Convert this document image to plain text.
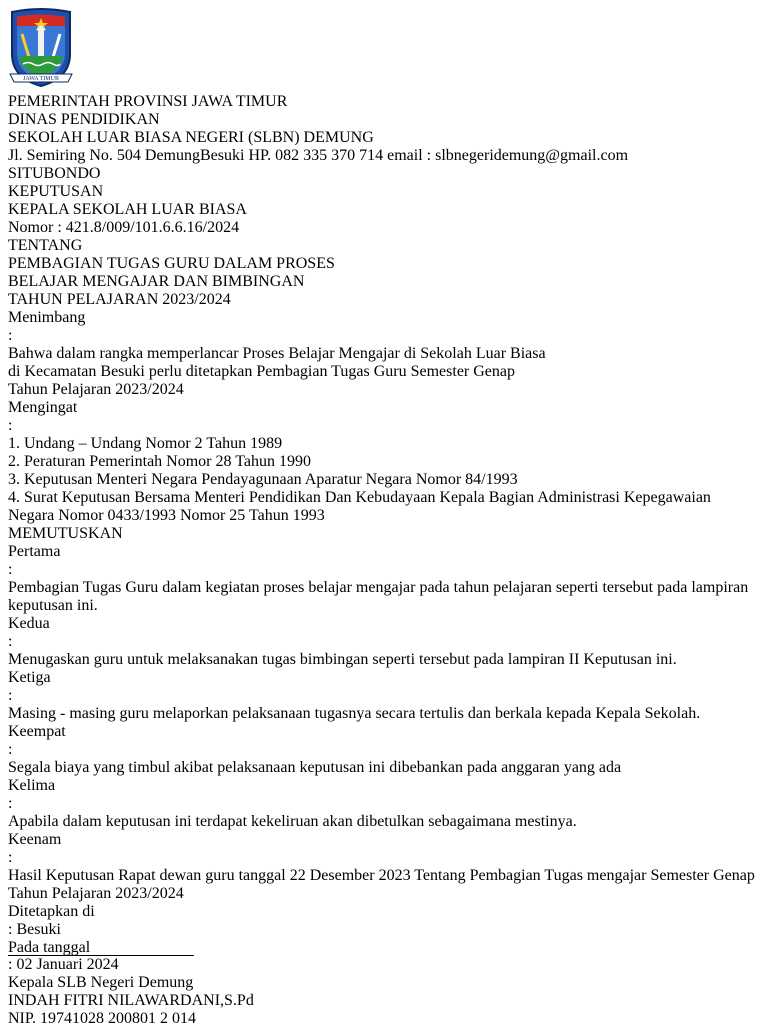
JAWA TIMUR
PEMERINTAH PROVINSI JAWA TIMUR
DINAS PENDIDIKAN
SEKOLAH LUAR BIASA NEGERI (SLBN) DEMUNG
Jl. Semiring No. 504 DemungBesuki HP. 082 335 370 714 email : slbnegeridemung@gmail.com
SITUBONDO
KEPUTUSAN
KEPALA SEKOLAH LUAR BIASA
Nomor : 421.8/009/101.6.6.16/2024
TENTANG
PEMBAGIAN TUGAS GURU DALAM PROSES
BELAJAR MENGAJAR DAN BIMBINGAN
TAHUN PELAJARAN 2023/2024
Menimbang
:
Bahwa dalam rangka memperlancar Proses Belajar Mengajar di Sekolah Luar Biasa di Kecamatan Besuki perlu ditetapkan Pembagian Tugas Guru Semester Genap Tahun Pelajaran 2023/2024
Mengingat
:
1. Undang – Undang Nomor 2 Tahun 1989
2. Peraturan Pemerintah Nomor 28 Tahun 1990
3. Keputusan Menteri Negara Pendayagunaan Aparatur Negara Nomor 84/1993
4. Surat Keputusan Bersama Menteri Pendidikan Dan Kebudayaan Kepala Bagian Administrasi Kepegawaian Negara Nomor 0433/1993 Nomor 25 Tahun 1993
MEMUTUSKAN
Pertama
:
Pembagian Tugas Guru dalam kegiatan proses belajar mengajar pada tahun pelajaran seperti tersebut pada lampiran keputusan ini.
Kedua
:
Menugaskan guru untuk melaksanakan tugas bimbingan seperti tersebut pada lampiran II Keputusan ini.
Ketiga
:
Masing - masing guru melaporkan pelaksanaan tugasnya secara tertulis dan berkala kepada Kepala Sekolah.
Keempat
:
Segala biaya yang timbul akibat pelaksanaan keputusan ini dibebankan pada anggaran yang ada
Kelima
:
Apabila dalam keputusan ini terdapat kekeliruan akan dibetulkan sebagaimana mestinya.
Keenam
:
Hasil Keputusan Rapat dewan guru tanggal 22 Desember 2023 Tentang Pembagian Tugas mengajar Semester Genap Tahun Pelajaran 2023/2024
Ditetapkan di
: Besuki
Pada tanggal
: 02 Januari 2024
Kepala SLB Negeri Demung
INDAH FITRI NILAWARDANI,S.Pd
NIP. 19741028 200801 2 014
